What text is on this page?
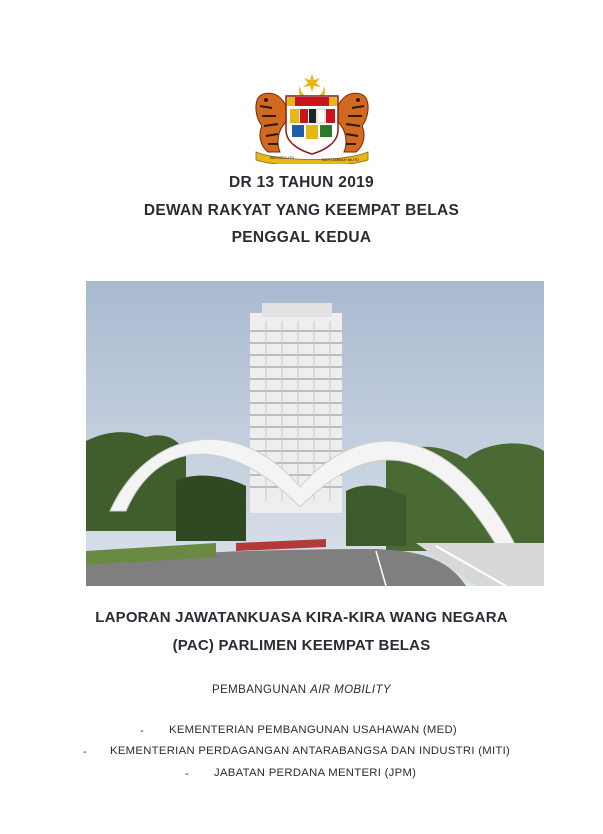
BERSEKUTU	BERTAMBAH MUTU
DR 13 TAHUN 2019
DEWAN RAKYAT YANG KEEMPAT BELAS
PENGGAL KEDUA
LAPORAN JAWATANKUASA KIRA-KIRA WANG NEGARA
(PAC) PARLIMEN KEEMPAT BELAS
PEMBANGUNAN AIR MOBILITY
- KEMENTERIAN PEMBANGUNAN USAHAWAN (MED)
- KEMENTERIAN PERDAGANGAN ANTARABANGSA DAN INDUSTRI (MITI)
- JABATAN PERDANA MENTERI (JPM)
